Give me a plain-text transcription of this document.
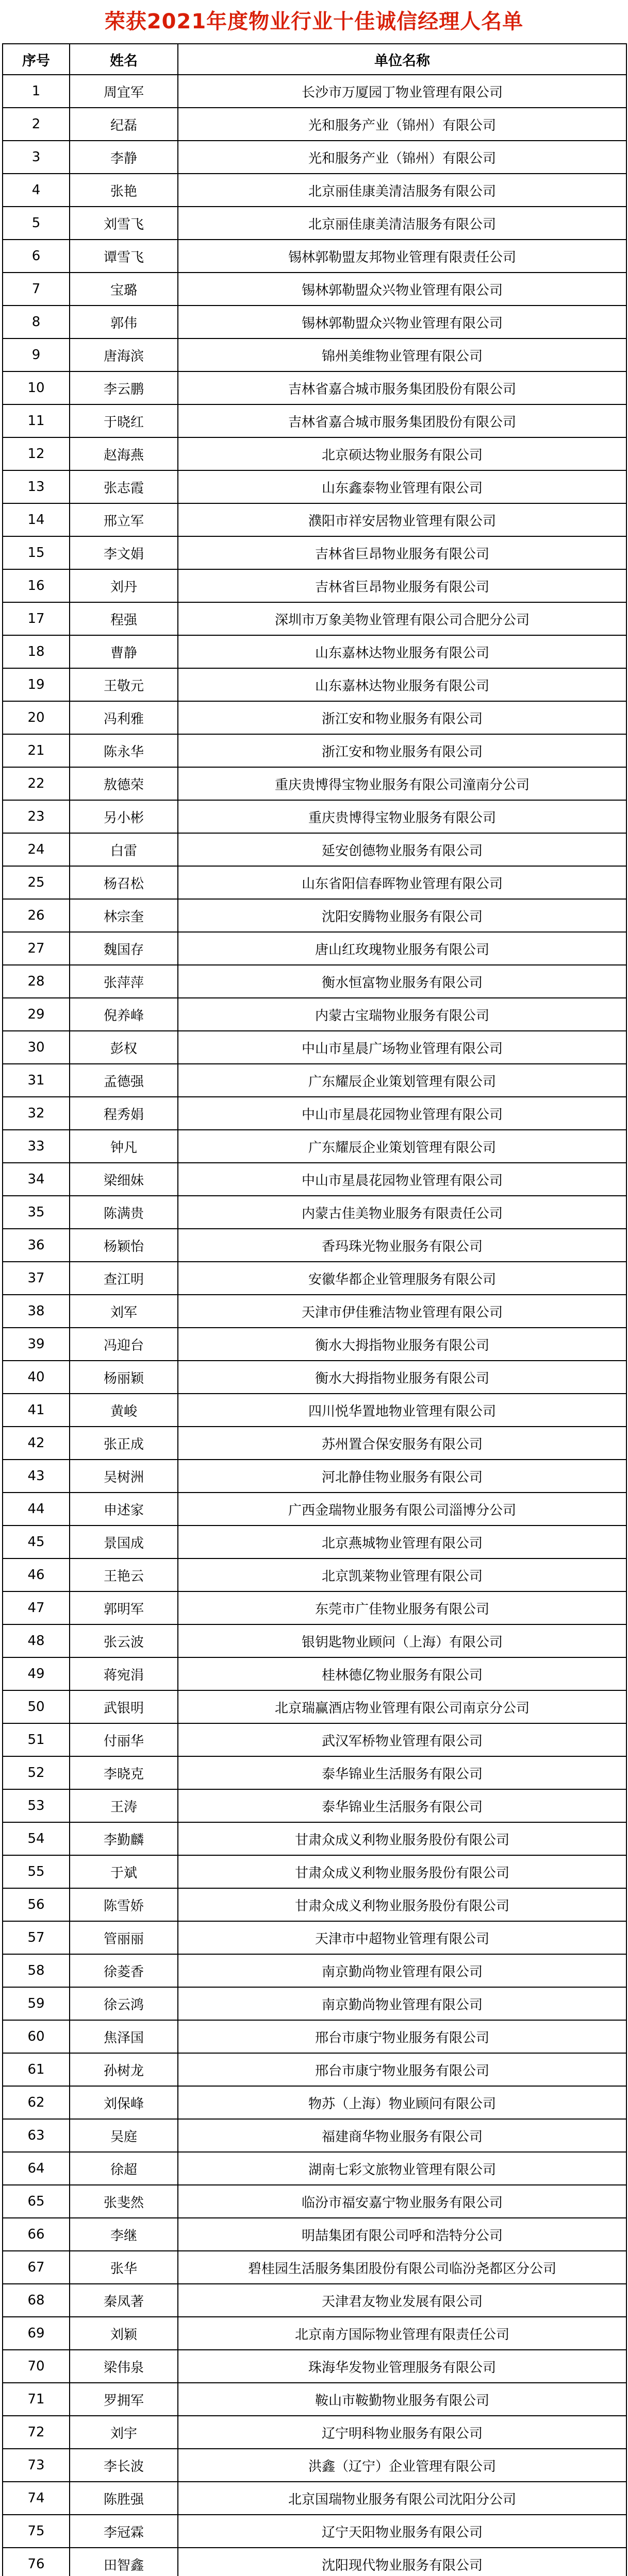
荣获2021年度物业行业十佳诚信经理人名单
序号	姓名	单位名称
1	周宜军	长沙市万厦园丁物业管理有限公司
2	纪磊	光和服务产业（锦州）有限公司
3	李静	光和服务产业（锦州）有限公司
4	张艳	北京丽佳康美清洁服务有限公司
5	刘雪飞	北京丽佳康美清洁服务有限公司
6	谭雪飞	锡林郭勒盟友邦物业管理有限责任公司
7	宝璐	锡林郭勒盟众兴物业管理有限公司
8	郭伟	锡林郭勒盟众兴物业管理有限公司
9	唐海滨	锦州美维物业管理有限公司
10	李云鹏	吉林省嘉合城市服务集团股份有限公司
11	于晓红	吉林省嘉合城市服务集团股份有限公司
12	赵海燕	北京硕达物业服务有限公司
13	张志霞	山东鑫泰物业管理有限公司
14	邢立军	濮阳市祥安居物业管理有限公司
15	李文娟	吉林省巨昂物业服务有限公司
16	刘丹	吉林省巨昂物业服务有限公司
17	程强	深圳市万象美物业管理有限公司合肥分公司
18	曹静	山东嘉林达物业服务有限公司
19	王敬元	山东嘉林达物业服务有限公司
20	冯利雅	浙江安和物业服务有限公司
21	陈永华	浙江安和物业服务有限公司
22	敖德荣	重庆贵博得宝物业服务有限公司潼南分公司
23	另小彬	重庆贵博得宝物业服务有限公司
24	白雷	延安创德物业服务有限公司
25	杨召松	山东省阳信春晖物业管理有限公司
26	林宗奎	沈阳安腾物业服务有限公司
27	魏国存	唐山红玫瑰物业服务有限公司
28	张萍萍	衡水恒富物业服务有限公司
29	倪养峰	内蒙古宝瑞物业服务有限公司
30	彭权	中山市星晨广场物业管理有限公司
31	孟德强	广东耀辰企业策划管理有限公司
32	程秀娟	中山市星晨花园物业管理有限公司
33	钟凡	广东耀辰企业策划管理有限公司
34	梁细妹	中山市星晨花园物业管理有限公司
35	陈满贵	内蒙古佳美物业服务有限责任公司
36	杨颖怡	香玛珠光物业服务有限公司
37	查江明	安徽华都企业管理服务有限公司
38	刘军	天津市伊佳雅洁物业管理有限公司
39	冯迎台	衡水大拇指物业服务有限公司
40	杨丽颖	衡水大拇指物业服务有限公司
41	黄峻	四川悦华置地物业管理有限公司
42	张正成	苏州置合保安服务有限公司
43	吴树洲	河北静佳物业服务有限公司
44	申述家	广西金瑞物业服务有限公司淄博分公司
45	景国成	北京燕城物业管理有限公司
46	王艳云	北京凯莱物业管理有限公司
47	郭明军	东莞市广佳物业服务有限公司
48	张云波	银钥匙物业顾问（上海）有限公司
49	蒋宛涓	桂林德亿物业服务有限公司
50	武银明	北京瑞赢酒店物业管理有限公司南京分公司
51	付丽华	武汉军桥物业管理有限公司
52	李晓克	泰华锦业生活服务有限公司
53	王涛	泰华锦业生活服务有限公司
54	李勤麟	甘肃众成义利物业服务股份有限公司
55	于斌	甘肃众成义利物业服务股份有限公司
56	陈雪娇	甘肃众成义利物业服务股份有限公司
57	管丽丽	天津市中超物业管理有限公司
58	徐菱香	南京勤尚物业管理有限公司
59	徐云鸿	南京勤尚物业管理有限公司
60	焦泽国	邢台市康宁物业服务有限公司
61	孙树龙	邢台市康宁物业服务有限公司
62	刘保峰	物苏（上海）物业顾问有限公司
63	吴庭	福建商华物业服务有限公司
64	徐超	湖南七彩文旅物业管理有限公司
65	张斐然	临汾市福安嘉宁物业服务有限公司
66	李继	明喆集团有限公司呼和浩特分公司
67	张华	碧桂园生活服务集团股份有限公司临汾尧都区分公司
68	秦凤著	天津君友物业发展有限公司
69	刘颖	北京南方国际物业管理有限责任公司
70	梁伟泉	珠海华发物业管理服务有限公司
71	罗拥军	鞍山市鞍勤物业服务有限公司
72	刘宇	辽宁明科物业服务有限公司
73	李长波	洪鑫（辽宁）企业管理有限公司
74	陈胜强	北京国瑞物业服务有限公司沈阳分公司
75	李冠霖	辽宁天阳物业服务有限公司
76	田智鑫	沈阳现代物业服务有限公司
